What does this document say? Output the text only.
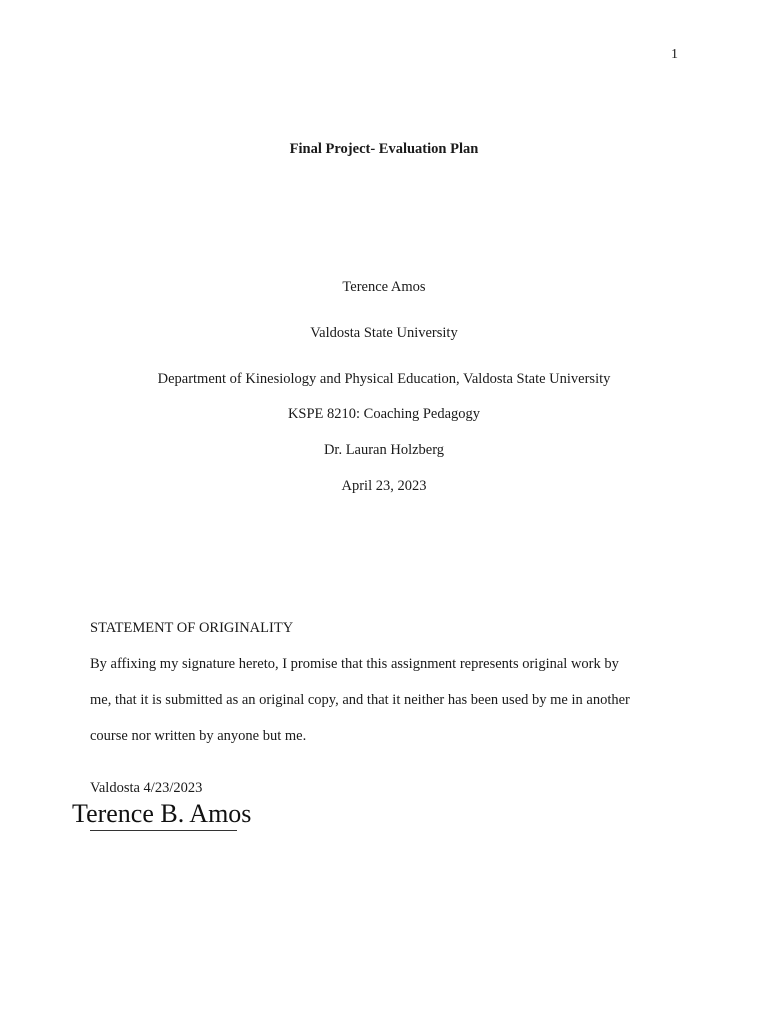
1
Final Project- Evaluation Plan
Terence Amos
Valdosta State University
Department of Kinesiology and Physical Education, Valdosta State University
KSPE 8210: Coaching Pedagogy
Dr. Lauran Holzberg
April 23, 2023
STATEMENT OF ORIGINALITY
By affixing my signature hereto, I promise that this assignment represents original work by
me, that it is submitted as an original copy, and that it neither has been used by me in another
course nor written by anyone but me.
Valdosta 4/23/2023
Terence B. Amos
